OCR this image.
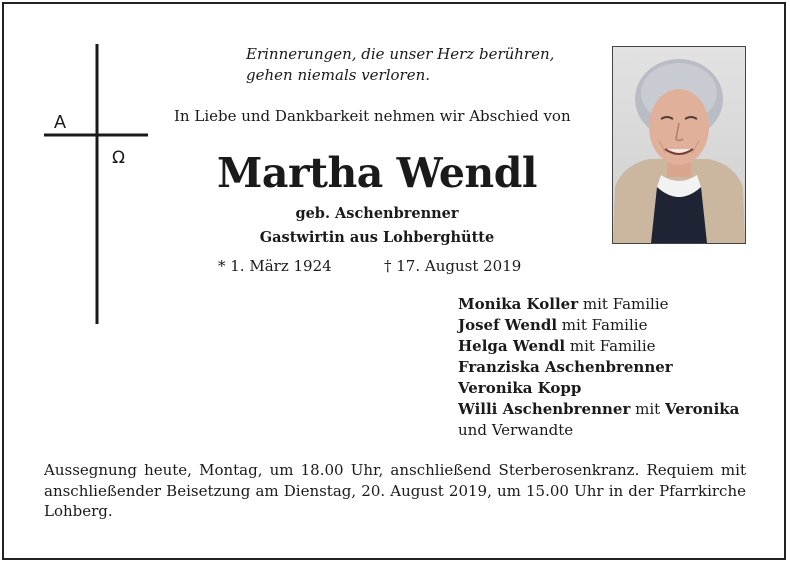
A
Ω
Erinnerungen, die unser Herz berühren,
gehen niemals verloren.

In Liebe und Dankbarkeit nehmen wir Abschied von

Martha Wendl

geb. Aschenbrenner

Gastwirtin aus Lohberghütte

* 1. März 1924	† 17. August 2019

Monika Koller mit Familie
Josef Wendl mit Familie
Helga Wendl mit Familie
Franziska Aschenbrenner
Veronika Kopp
Willi Aschenbrenner mit Veronika
und Verwandte

Aussegnung heute, Montag, um 18.00 Uhr, anschließend Sterberosenkranz. Requiem mit anschließender Beisetzung am Dienstag, 20. August 2019, um 15.00 Uhr in der Pfarrkirche Lohberg.
